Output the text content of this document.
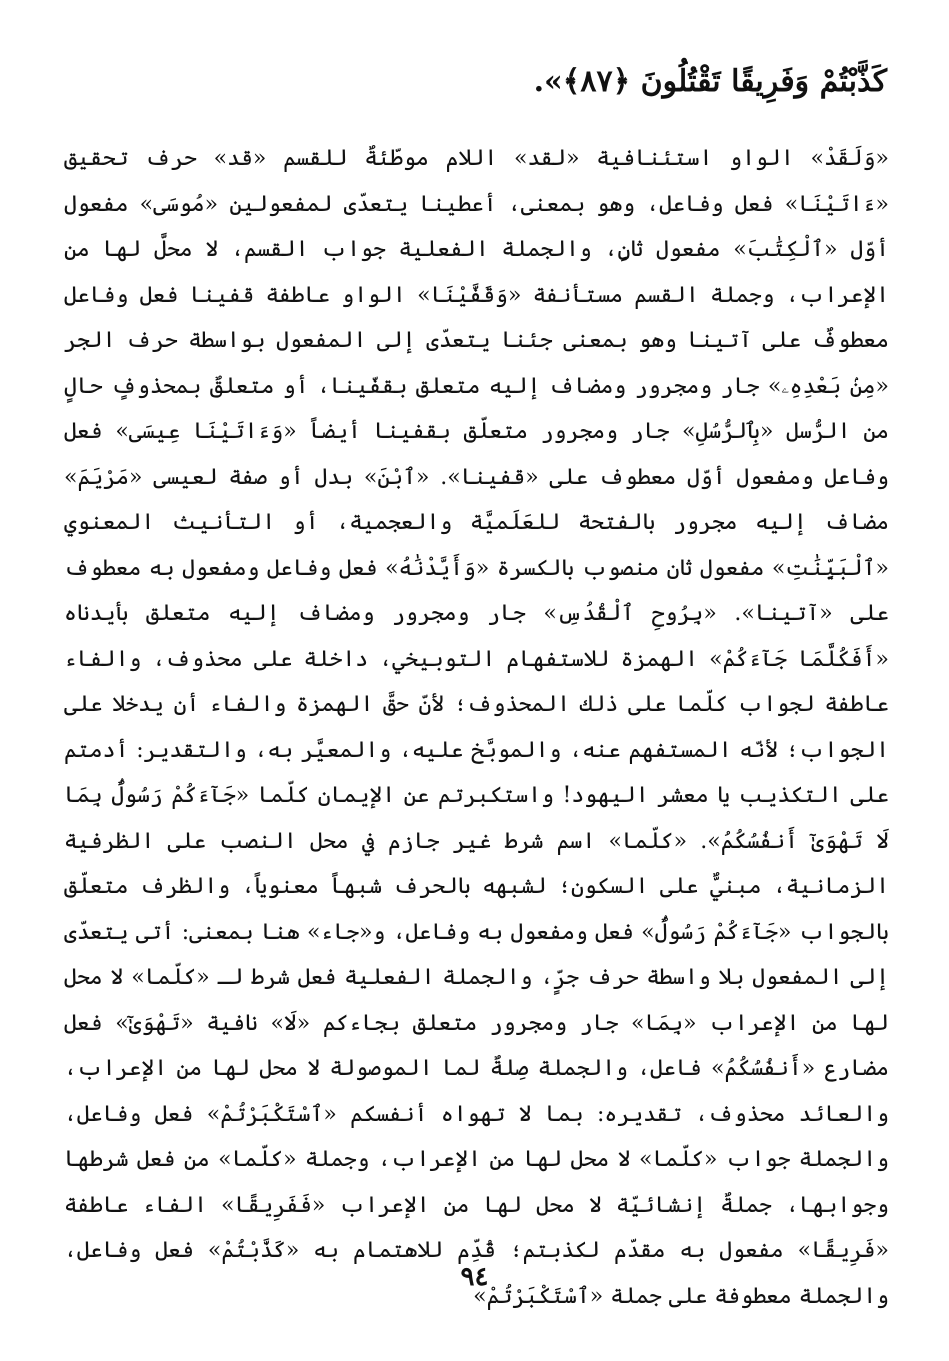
كَذَّبْتُمْ وَفَرِيقًا تَقْتُلُونَ ﴿٨٧﴾».

«وَلَقَدْ» الواو استئنافية «لقد» اللام موطّئةٌ للقسم «قد» حرف تحقيق «ءَاتَيْنَا» فعل وفاعل، وهو بمعنى، أعطينا يتعدّى لمفعولين «مُوسَى» مفعول أوّل «ٱلْكِتَٰبَ» مفعول ثانٍ، والجملة الفعلية جواب القسم، لا محلَّ لها من الإعراب، وجملة القسم مستأنفة «وَقَفَّيْنَا» الواو عاطفة قفينا فعل وفاعل معطوفٌ على آتينا وهو بمعنى جئنا يتعدّى إلى المفعول بواسطة حرف الجر «مِنۢ بَعْدِهِۦ» جار ومجرور ومضاف إليه متعلق بقفّينا، أو متعلقٌ بمحذوفٍ حالٍ من الرُّسل «بِٱلرُّسُلِ» جار ومجرور متعلّق بقفينا أيضاً «وَءَاتَيْنَا عِيسَى» فعل وفاعل ومفعول أوّل معطوف على «قفينا». «ٱبْنَ» بدل أو صفة لعيسى «مَرْيَمَ» مضاف إليه مجرور بالفتحة للعَلَميَّة والعجمية، أو التأنيث المعنوي «ٱلْبَيِّنَٰتِ» مفعول ثان منصوب بالكسرة «وَأَيَّدْنَٰهُ» فعل وفاعل ومفعول به معطوف على «آتينا». «بِرُوحِ ٱلْقُدُسِ» جار ومجرور ومضاف إليه متعلق بأيدناه «أَفَكُلَّمَا جَآءَكُمْ» الهمزة للاستفهام التوبيخي، داخلة على محذوف، والفاء عاطفة لجواب كلّما على ذلك المحذوف؛ لأنّ حقَّ الهمزة والفاء أن يدخلا على الجواب؛ لأنّه المستفهم عنه، والموبَّخ عليه، والمعيَّر به، والتقدير: أدمتم على التكذيب يا معشر اليهود! واستكبرتم عن الإيمان كلّما «جَآءَكُمْ رَسُولٌۢ بِمَا لَا تَهْوَىٰٓ أَنفُسُكُمُ». «كلّما» اسم شرط غير جازم في محل النصب على الظرفية الزمانية، مبنيٌّ على السكون؛ لشبهه بالحرف شبهاً معنوياً، والظرف متعلّق بالجواب «جَآءَكُمْ رَسُولٌۢ» فعل ومفعول به وفاعل، و«جاء» هنا بمعنى: أتى يتعدّى إلى المفعول بلا واسطة حرف جرٍّ، والجملة الفعلية فعل شرط لـ «كلّما» لا محل لها من الإعراب «بِمَا» جار ومجرور متعلق بجاءكم «لَا» نافية «تَهْوَىٰٓ» فعل مضارع «أَنفُسُكُمُ» فاعل، والجملة صِلةٌ لما الموصولة لا محل لها من الإعراب، والعائد محذوف، تقديره: بما لا تهواه أنفسكم «ٱسْتَكْبَرْتُمْ» فعل وفاعل، والجملة جواب «كلّما» لا محل لها من الإعراب، وجملة «كلّما» من فعل شرطها وجوابها، جملةٌ إنشائيّة لا محل لها من الإعراب «فَفَرِيقًا» الفاء عاطفة «فَرِيقًا» مفعول به مقدّم لكذبتم؛ قُدِّم للاهتمام به «كَذَّبْتُمْ» فعل وفاعل، والجملة معطوفة على جملة «ٱسْتَكْبَرْتُمْ»

٩٤
